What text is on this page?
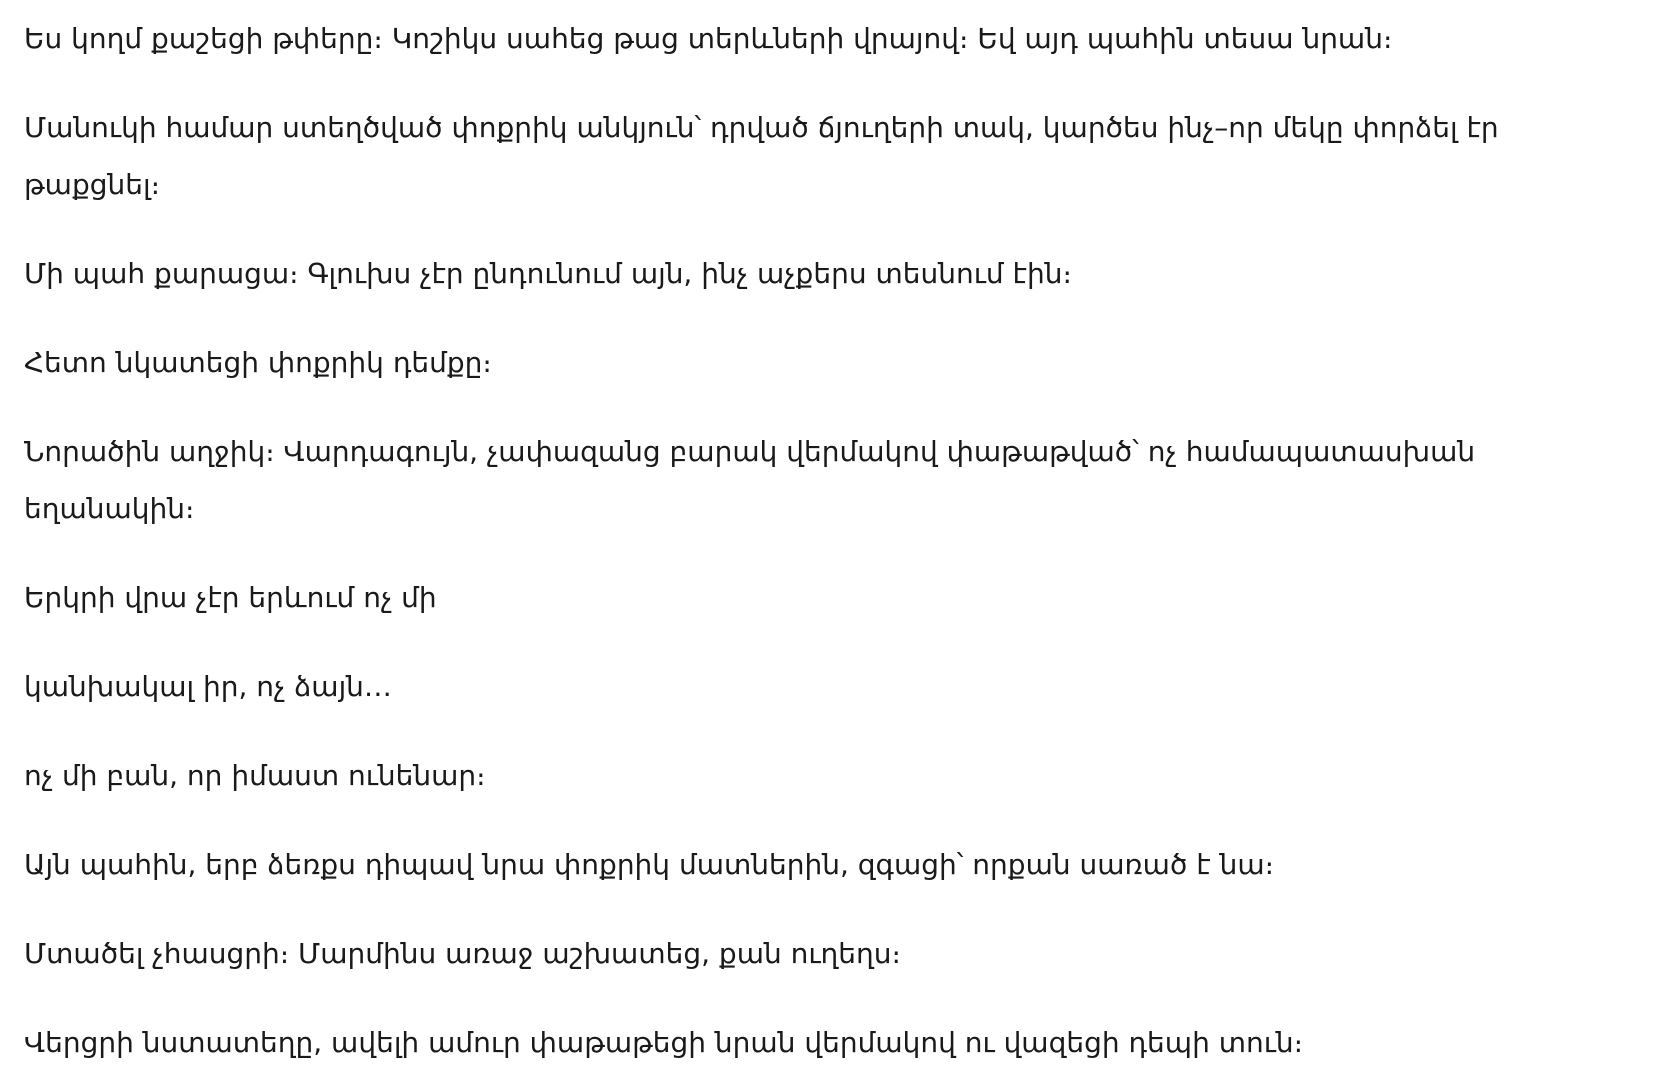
Ես կողմ քաշեցի թփերը։ Կոշիկս սահեց թաց տերևների վրայով։ Եվ այդ պահին տեսա նրան։

Մանուկի համար ստեղծված փոքրիկ անկյուն՝ դրված ճյուղերի տակ, կարծես ինչ–որ մեկը փորձել էր թաքցնել։

Մի պահ քարացա։ Գլուխս չէր ընդունում այն, ինչ աչքերս տեսնում էին։

Հետո նկատեցի փոքրիկ դեմքը։

Նորածին աղջիկ։ Վարդագույն, չափազանց բարակ վերմակով փաթաթված՝ ոչ համապատասխան եղանակին։

Երկրի վրա չէր երևում ոչ մի

կանխակալ իր, ոչ ձայն…

ոչ մի բան, որ իմաստ ունենար։

Այն պահին, երբ ձեռքս դիպավ նրա փոքրիկ մատներին, զգացի՝ որքան սառած է նա։

Մտածել չհասցրի։ Մարմինս առաջ աշխատեց, քան ուղեղս։

Վերցրի նստատեղը, ավելի ամուր փաթաթեցի նրան վերմակով ու վազեցի դեպի տուն։
